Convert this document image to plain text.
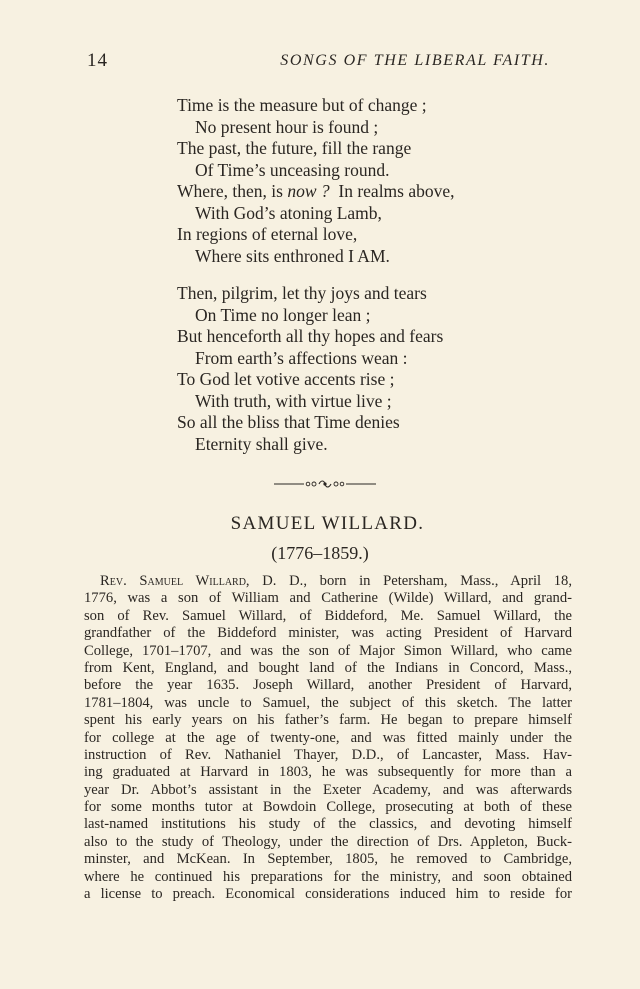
14	SONGS OF THE LIBERAL FAITH.
Time is the measure but of change ;
No present hour is found ;
The past, the future, fill the range
Of Time’s unceasing round.
Where, then, is now ? In realms above,
With God’s atoning Lamb,
In regions of eternal love,
Where sits enthroned I AM.
Then, pilgrim, let thy joys and tears
On Time no longer lean ;
But henceforth all thy hopes and fears
From earth’s affections wean :
To God let votive accents rise ;
With truth, with virtue live ;
So all the bliss that Time denies
Eternity shall give.
SAMUEL WILLARD.
(1776–1859.)
Rev. Samuel Willard, D. D., born in Petersham, Mass., April 18,
1776, was a son of William and Catherine (Wilde) Willard, and grand-
son of Rev. Samuel Willard, of Biddeford, Me. Samuel Willard, the
grandfather of the Biddeford minister, was acting President of Harvard
College, 1701–1707, and was the son of Major Simon Willard, who came
from Kent, England, and bought land of the Indians in Concord, Mass.,
before the year 1635. Joseph Willard, another President of Harvard,
1781–1804, was uncle to Samuel, the subject of this sketch. The latter
spent his early years on his father’s farm. He began to prepare himself
for college at the age of twenty-one, and was fitted mainly under the
instruction of Rev. Nathaniel Thayer, D.D., of Lancaster, Mass. Hav-
ing graduated at Harvard in 1803, he was subsequently for more than a
year Dr. Abbot’s assistant in the Exeter Academy, and was afterwards
for some months tutor at Bowdoin College, prosecuting at both of these
last-named institutions his study of the classics, and devoting himself
also to the study of Theology, under the direction of Drs. Appleton, Buck-
minster, and McKean. In September, 1805, he removed to Cambridge,
where he continued his preparations for the ministry, and soon obtained
a license to preach. Economical considerations induced him to reside for
